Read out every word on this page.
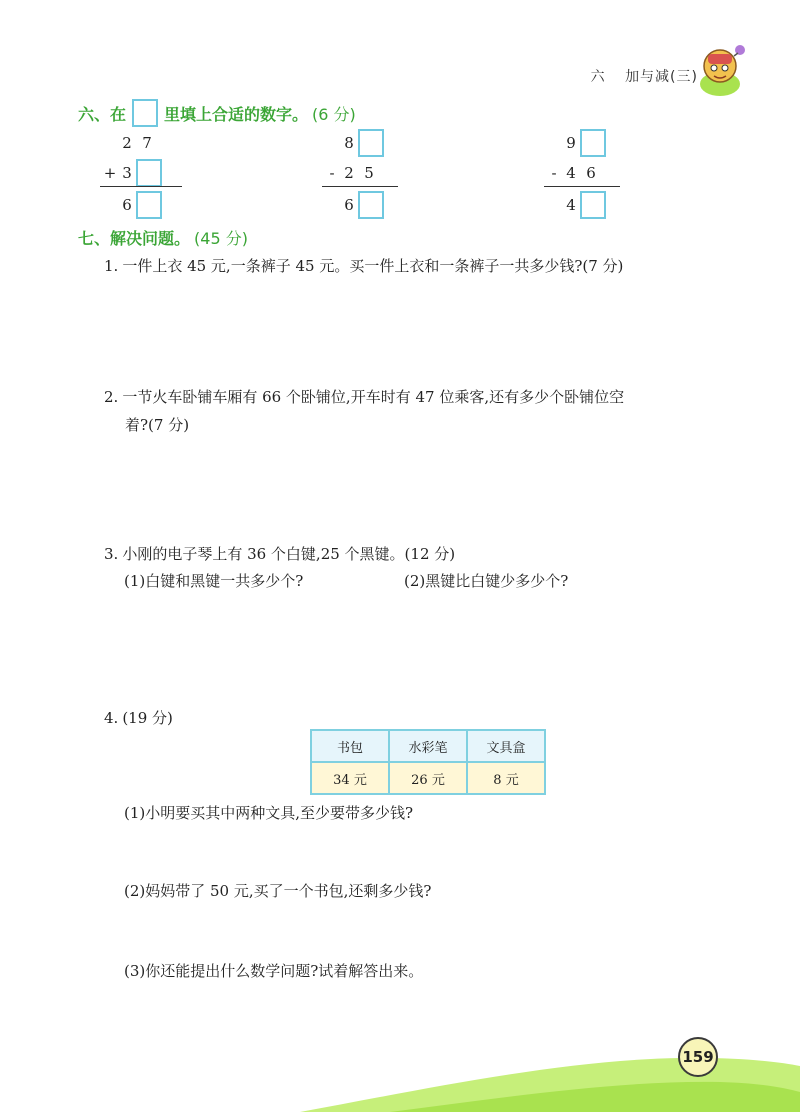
六 加与减(三)
六、在 里填上合适的数字。 (6 分)
2 7
+ 3
6
8
- 2 5
6
9
- 4 6
4
七、解决问题。 (45 分)
1. 一件上衣 45 元,一条裤子 45 元。买一件上衣和一条裤子一共多少钱?(7 分)
2. 一节火车卧铺车厢有 66 个卧铺位,开车时有 47 位乘客,还有多少个卧铺位空
着?(7 分)
3. 小刚的电子琴上有 36 个白键,25 个黑键。(12 分)
(1)白键和黑键一共多少个?	(2)黑键比白键少多少个?
4. (19 分)
书包	水彩笔	文具盒
34 元	26 元	8 元
(1)小明要买其中两种文具,至少要带多少钱?
(2)妈妈带了 50 元,买了一个书包,还剩多少钱?
(3)你还能提出什么数学问题?试着解答出来。
159
